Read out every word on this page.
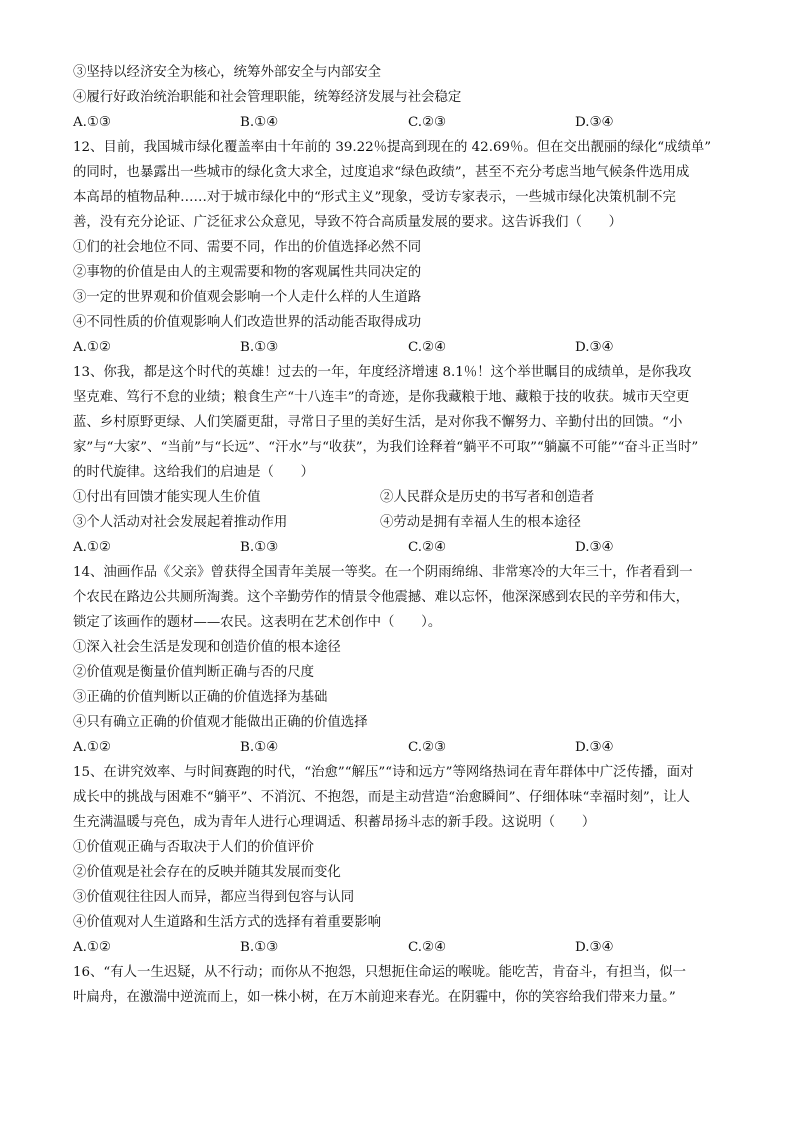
③坚持以经济安全为核心，统筹外部安全与内部安全
④履行好政治统治职能和社会管理职能，统筹经济发展与社会稳定
A.①③	B.①④	C.②③	D.③④
12、目前，我国城市绿化覆盖率由十年前的 39.22％提高到现在的 42.69％。但在交出靓丽的绿化“成绩单”
的同时，也暴露出一些城市的绿化贪大求全，过度追求“绿色政绩”，甚至不充分考虑当地气候条件选用成
本高昂的植物品种……对于城市绿化中的“形式主义”现象，受访专家表示，一些城市绿化决策机制不完
善，没有充分论证、广泛征求公众意见，导致不符合高质量发展的要求。这告诉我们（　　）
①们的社会地位不同、需要不同，作出的价值选择必然不同
②事物的价值是由人的主观需要和物的客观属性共同决定的
③一定的世界观和价值观会影响一个人走什么样的人生道路
④不同性质的价值观影响人们改造世界的活动能否取得成功
A.①②	B.①③	C.②④	D.③④
13、你我，都是这个时代的英雄！过去的一年，年度经济增速 8.1％！这个举世瞩目的成绩单，是你我攻
坚克难、笃行不怠的业绩；粮食生产“十八连丰”的奇迹，是你我藏粮于地、藏粮于技的收获。城市天空更
蓝、乡村原野更绿、人们笑靥更甜，寻常日子里的美好生活，是对你我不懈努力、辛勤付出的回馈。“小
家”与“大家”、“当前”与“长远”、“汗水”与“收获”，为我们诠释着“躺平不可取”“躺赢不可能”“奋斗正当时”
的时代旋律。这给我们的启迪是（　　）
①付出有回馈才能实现人生价值	②人民群众是历史的书写者和创造者
③个人活动对社会发展起着推动作用	④劳动是拥有幸福人生的根本途径
A.①②	B.①③	C.②④	D.③④
14、油画作品《父亲》曾获得全国青年美展一等奖。在一个阴雨绵绵、非常寒冷的大年三十，作者看到一
个农民在路边公共厕所淘粪。这个辛勤劳作的情景令他震撼、难以忘怀，他深深感到农民的辛劳和伟大，
锁定了该画作的题材——农民。这表明在艺术创作中（　　）。
①深入社会生活是发现和创造价值的根本途径
②价值观是衡量价值判断正确与否的尺度
③正确的价值判断以正确的价值选择为基础
④只有确立正确的价值观才能做出正确的价值选择
A.①②	B.①④	C.②③	D.③④
15、在讲究效率、与时间赛跑的时代，“治愈”“解压”“诗和远方”等网络热词在青年群体中广泛传播，面对
成长中的挑战与困难不“躺平”、不消沉、不抱怨，而是主动营造“治愈瞬间”、仔细体味“幸福时刻”，让人
生充满温暖与亮色，成为青年人进行心理调适、积蓄昂扬斗志的新手段。这说明（　　）
①价值观正确与否取决于人们的价值评价
②价值观是社会存在的反映并随其发展而变化
③价值观往往因人而异，都应当得到包容与认同
④价值观对人生道路和生活方式的选择有着重要影响
A.①②	B.①③	C.②④	D.③④
16、“有人一生迟疑，从不行动；而你从不抱怨，只想扼住命运的喉咙。能吃苦，肯奋斗，有担当，似一
叶扁舟，在激湍中逆流而上，如一株小树，在万木前迎来春光。在阴霾中，你的笑容给我们带来力量。”
